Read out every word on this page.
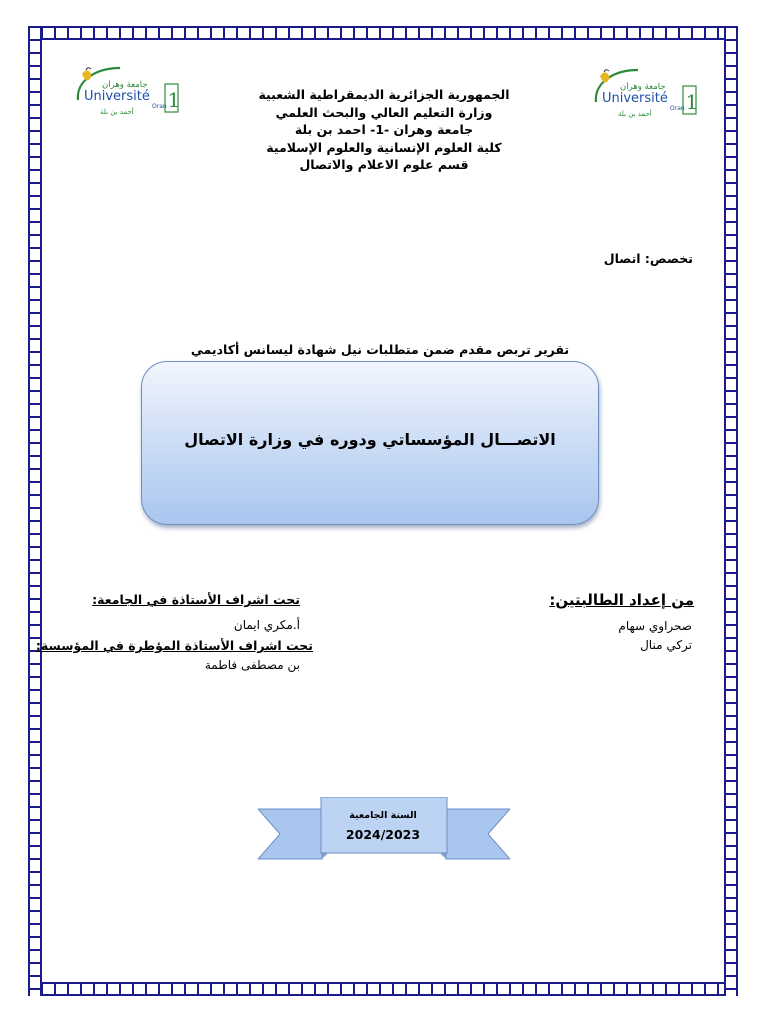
جامعة وهران
Université
Oran
أحمد بن بلة 1
جامعة وهران
Université
Oran
أحمد بن بلة 1
الجمهورية الجزائرية الديمقراطية الشعبية
وزارة التعليم العالي والبحث العلمي
جامعة وهران -1- احمد بن بلة
كلية العلوم الإنسانية والعلوم الإسلامية
قسم علوم الاعلام والاتصال
تخصص: اتصال
تقرير تربص مقدم ضمن متطلبات نيل شهادة ليسانس أكاديمي
الاتصـــال المؤسساتي ودوره في وزارة الاتصال
من إعداد الطالبتين:
صحراوي سهام
تركي منال
تحت اشراف الأستاذة في الجامعة:
أ.مكري ايمان
تحت اشراف الأستاذة المؤطرة في المؤسسة:
بن مصطفى فاطمة
السنة الجامعية
2024/2023
